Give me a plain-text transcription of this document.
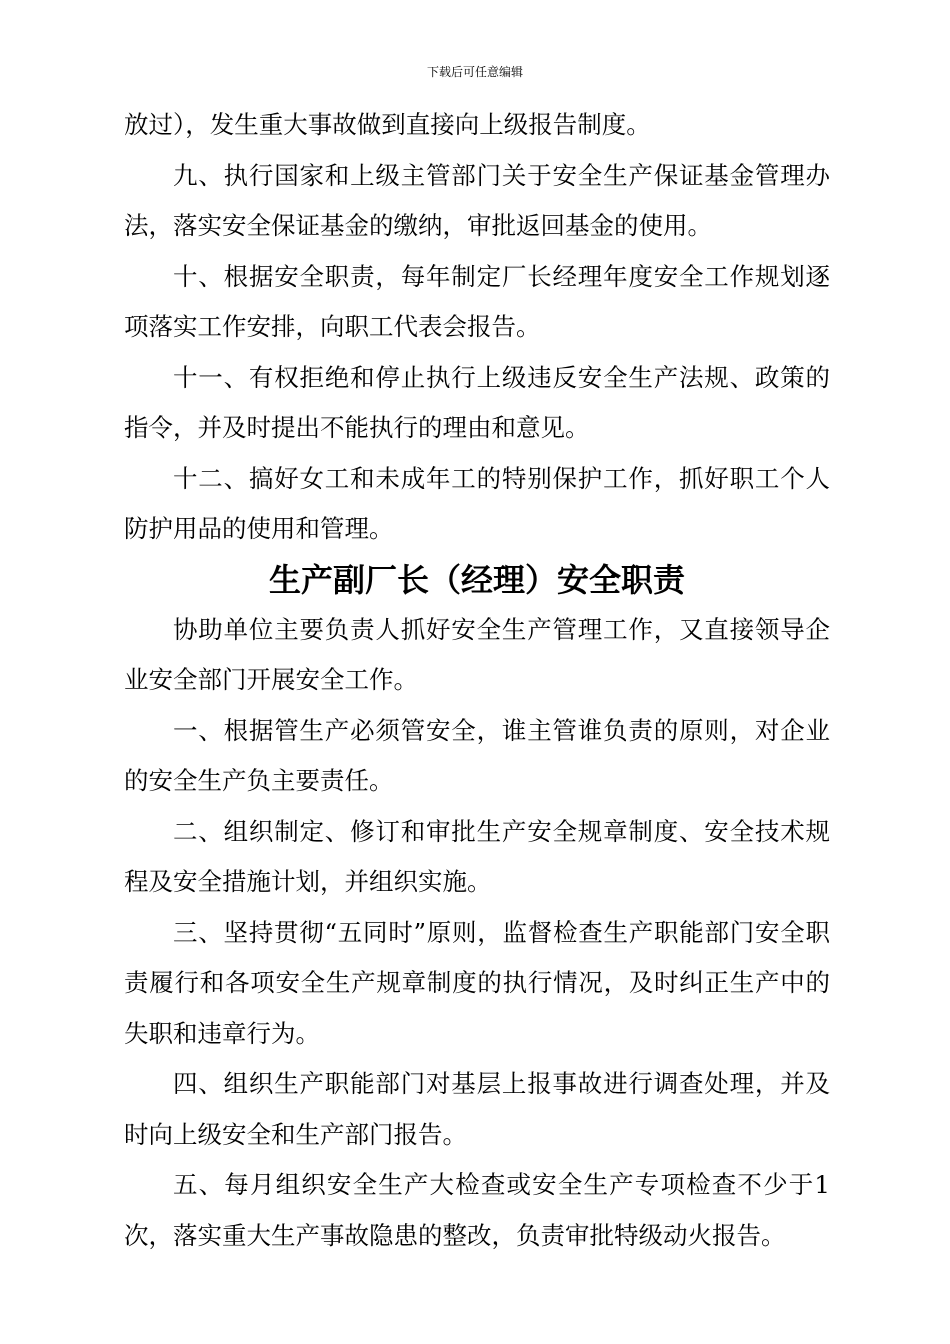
下载后可任意编辑

放过），发生重大事故做到直接向上级报告制度。

九、执行国家和上级主管部门关于安全生产保证基金管理办法，落实安全保证基金的缴纳，审批返回基金的使用。

十、根据安全职责，每年制定厂长经理年度安全工作规划逐项落实工作安排，向职工代表会报告。

十一、有权拒绝和停止执行上级违反安全生产法规、政策的指令，并及时提出不能执行的理由和意见。

十二、搞好女工和未成年工的特别保护工作，抓好职工个人防护用品的使用和管理。

生产副厂长（经理）安全职责

协助单位主要负责人抓好安全生产管理工作，又直接领导企业安全部门开展安全工作。

一、根据管生产必须管安全，谁主管谁负责的原则，对企业的安全生产负主要责任。

二、组织制定、修订和审批生产安全规章制度、安全技术规程及安全措施计划，并组织实施。

三、坚持贯彻“五同时”原则，监督检查生产职能部门安全职责履行和各项安全生产规章制度的执行情况，及时纠正生产中的失职和违章行为。

四、组织生产职能部门对基层上报事故进行调查处理，并及时向上级安全和生产部门报告。

五、每月组织安全生产大检查或安全生产专项检查不少于1次，落实重大生产事故隐患的整改，负责审批特级动火报告。
